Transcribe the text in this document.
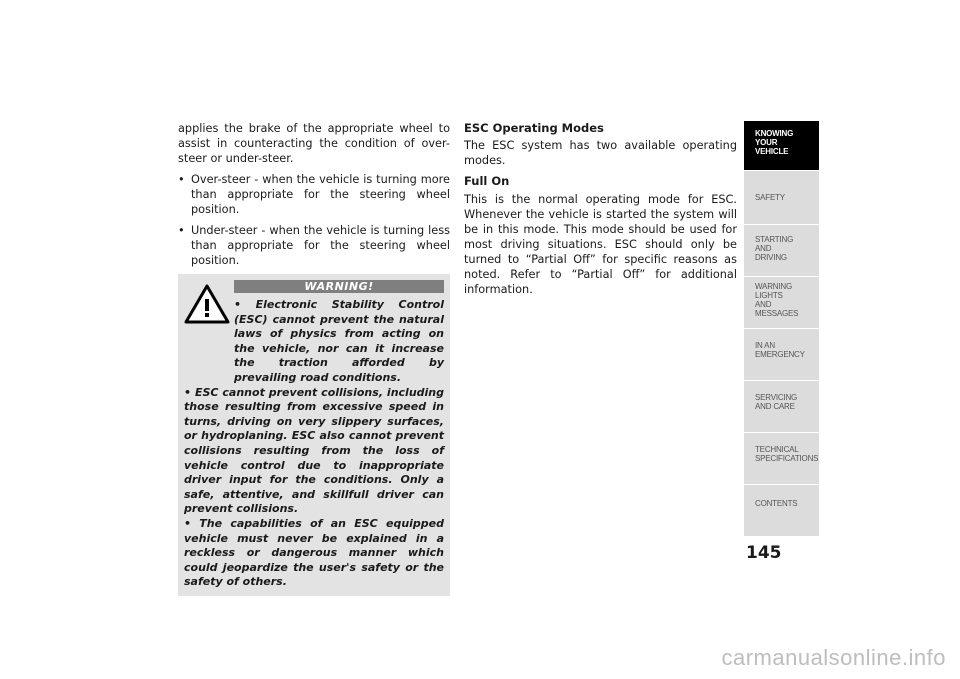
applies the brake of the appropriate wheel to assist in counteracting the condition of over-steer or under-steer.

• Over-steer - when the vehicle is turning more than appropriate for the steering wheel position.
• Under-steer - when the vehicle is turning less than appropriate for the steering wheel position.
WARNING!

• Electronic Stability Control (ESC) cannot prevent the natural laws of physics from acting on the vehicle, nor can it increase the traction afforded by prevailing road conditions.

• ESC cannot prevent collisions, including those resulting from excessive speed in turns, driving on very slippery surfaces, or hydroplaning. ESC also cannot prevent collisions resulting from the loss of vehicle control due to inappropriate driver input for the conditions. Only a safe, attentive, and skillfull driver can prevent collisions.

• The capabilities of an ESC equipped vehicle must never be explained in a reckless or dangerous manner which could jeopardize the user's safety or the safety of others.

ESC Operating Modes

The ESC system has two available operating modes.

Full On

This is the normal operating mode for ESC. Whenever the vehicle is started the system will be in this mode. This mode should be used for most driving situations. ESC should only be turned to “Partial Off” for specific reasons as noted. Refer to “Partial Off” for additional information.

KNOWING
YOUR
VEHICLE
SAFETY
STARTING
AND
DRIVING
WARNING
LIGHTS
AND
MESSAGES
IN AN
EMERGENCY
SERVICING
AND CARE
TECHNICAL
SPECIFICATIONS
CONTENTS
145
carmanualsonline.info
